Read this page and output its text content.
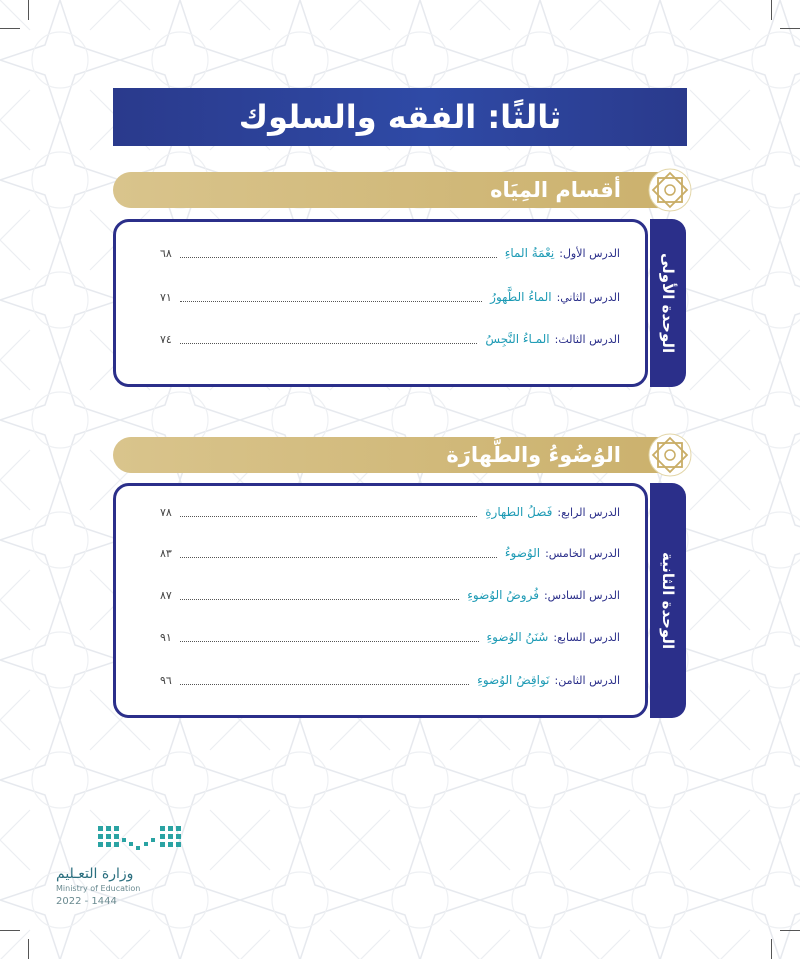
ثالثًا: الفقه والسلوك
أقسام المِيَاه
الوحدة الأولى
الدرس الأول:
نِعْمَةُ الماءِ
٦٨
الدرس الثاني:
الماءُ الطَّهورُ
٧١
الدرس الثالث:
المـاءُ النَّجِسُ
٧٤
الوُضُوءُ والطَّهارَة
الوحدة الثانية
الدرس الرابع:
فَضلُ الطهارةِ
٧٨
الدرس الخامس:
الوُضوءُ
٨٣
الدرس السادس:
فُروضُ الوُضوءِ
٨٧
الدرس السابع:
سُنَنُ الوُضوءِ
٩١
الدرس الثامن:
نَواقِضُ الوُضوءِ
٩٦
وزارة التعـليم
Ministry of Education
2022 - 1444
